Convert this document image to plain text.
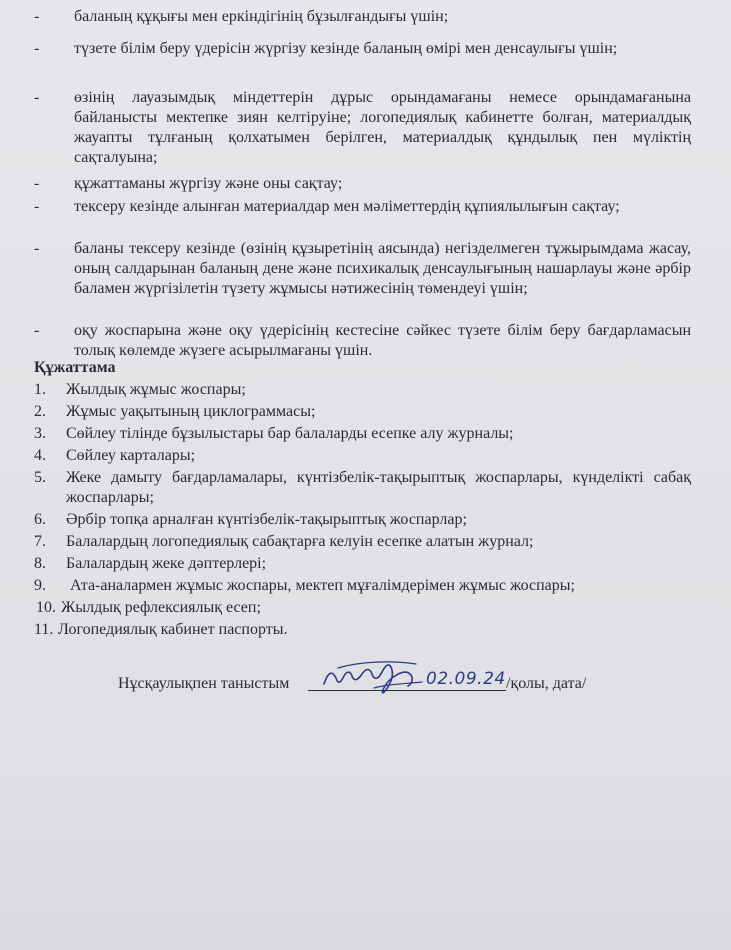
-	баланың құқығы мен еркіндігінің бұзылғандығы үшін;
-	түзете білім беру үдерісін жүргізу кезінде баланың өмірі мен денсаулығы үшін;
-	өзінің лауазымдық міндеттерін дұрыс орындамағаны немесе орындамағанына байланысты мектепке зиян келтіруіне; логопедиялық кабинетте болған, материалдық жауапты тұлғаның қолхатымен берілген, материалдық құндылық пен мүліктің сақталуына;
-	құжаттаманы жүргізу және оны сақтау;
-	тексеру кезінде алынған материалдар мен мәліметтердің құпиялылығын сақтау;
-	баланы тексеру кезінде (өзінің құзыретінің аясында) негізделмеген тұжырымдама жасау, оның салдарынан баланың дене және психикалық денсаулығының нашарлауы және әрбір баламен жүргізілетін түзету жұмысы нәтижесінің төмендеуі үшін;
-	оқу жоспарына және оқу үдерісінің кестесіне сәйкес түзете білім беру бағдарламасын толық көлемде жүзеге асырылмағаны үшін.
Құжаттама
1.	Жылдық жұмыс жоспары;
2.	Жұмыс уақытының циклограммасы;
3.	Сөйлеу тілінде бұзылыстары бар балаларды есепке алу журналы;
4.	Сөйлеу карталары;
5.	Жеке дамыту бағдарламалары, күнтізбелік-тақырыптық жоспарлары, күнделікті сабақ жоспарлары;
6.	Әрбір топқа арналған күнтізбелік-тақырыптық жоспарлар;
7.	Балалардың логопедиялық сабақтарға келуін есепке алатын журнал;
8.	Балалардың жеке дәптерлері;
9.	Ата-аналармен жұмыс жоспары, мектеп мұғалімдерімен жұмыс жоспары;
10. Жылдық рефлексиялық есеп;
11. Логопедиялық кабинет паспорты.
Нұсқаулықпен таныстым	02.09.24 /қолы, дата/
